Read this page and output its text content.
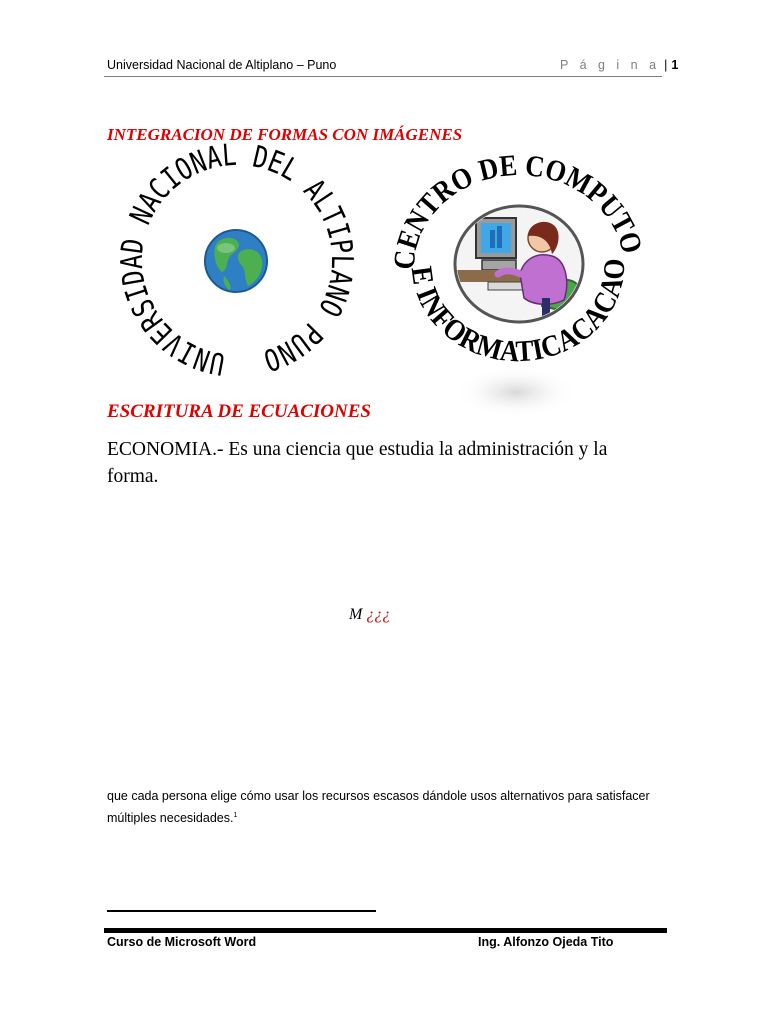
Universidad Nacional de Altiplano – Puno	P á g i n a | 1
INTEGRACION DE FORMAS CON IMÁGENES
UNIVERSIDAD NACIONAL DEL ALTIPLANO PUNO
CENTRO DE COMPUTO
E INFORMATICACACAO
ESCRITURA DE ECUACIONES
ECONOMIA.- Es una ciencia que estudia la administración y la forma.
M ¿¿¿
que cada persona elige cómo usar los recursos escasos dándole usos alternativos para satisfacer múltiples necesidades.$^1$
Curso de Microsoft Word	Ing. Alfonzo Ojeda Tito
